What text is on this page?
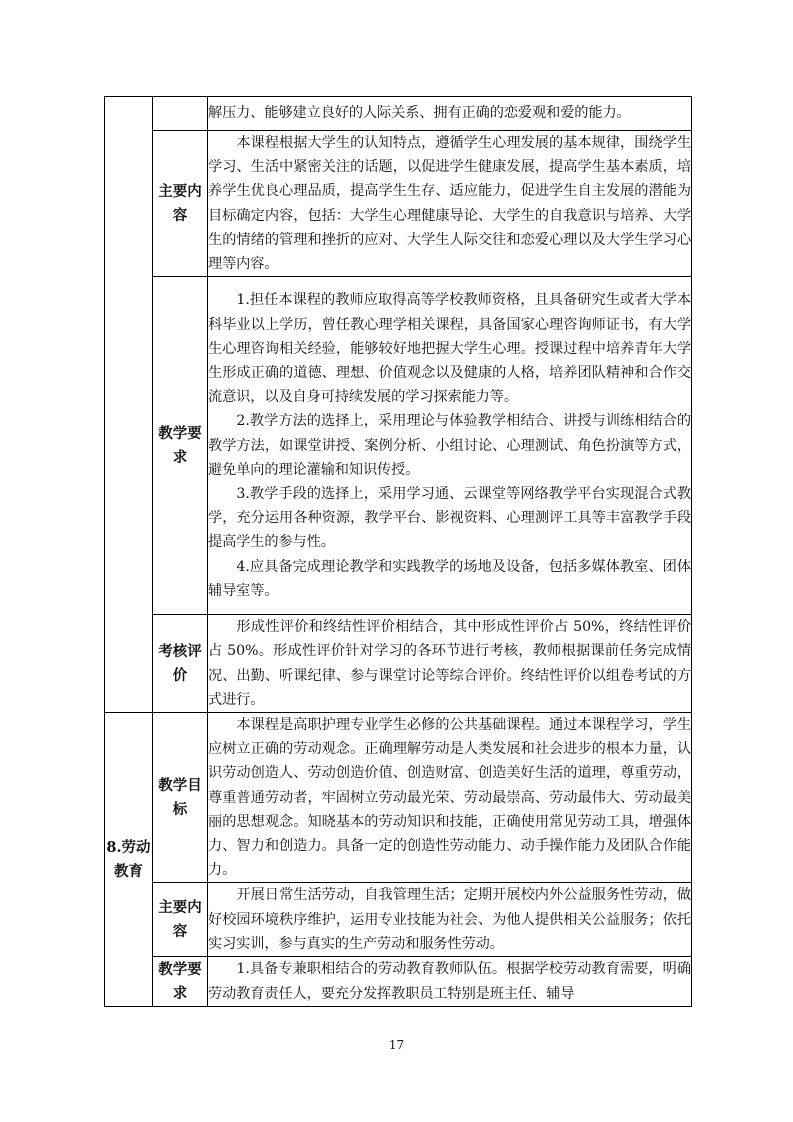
		解压力、能够建立良好的人际关系、拥有正确的恋爱观和爱的能力。

	主要内容	本课程根据大学生的认知特点，遵循学生心理发展的基本规律，围绕学生学习、生活中紧密关注的话题，以促进学生健康发展，提高学生基本素质，培养学生优良心理品质，提高学生生存、适应能力，促进学生自主发展的潜能为目标确定内容，包括：大学生心理健康导论、大学生的自我意识与培养、大学生的情绪的管理和挫折的应对、大学生人际交往和恋爱心理以及大学生学习心理等内容。

	教学要求	1.担任本课程的教师应取得高等学校教师资格，且具备研究生或者大学本科毕业以上学历，曾任教心理学相关课程，具备国家心理咨询师证书，有大学生心理咨询相关经验，能够较好地把握大学生心理。授课过程中培养青年大学生形成正确的道德、理想、价值观念以及健康的人格，培养团队精神和合作交流意识，以及自身可持续发展的学习探索能力等。

2.教学方法的选择上，采用理论与体验教学相结合、讲授与训练相结合的教学方法，如课堂讲授、案例分析、小组讨论、心理测试、角色扮演等方式，避免单向的理论灌输和知识传授。

3.教学手段的选择上，采用学习通、云课堂等网络教学平台实现混合式教学，充分运用各种资源，教学平台、影视资料、心理测评工具等丰富教学手段提高学生的参与性。

4.应具备完成理论教学和实践教学的场地及设备，包括多媒体教室、团体辅导室等。

	考核评价	形成性评价和终结性评价相结合，其中形成性评价占 50%，终结性评价占 50%。形成性评价针对学习的各环节进行考核，教师根据课前任务完成情况、出勤、听课纪律、参与课堂讨论等综合评价。终结性评价以组卷考试的方式进行。

8.劳动教育	教学目标	本课程是高职护理专业学生必修的公共基础课程。通过本课程学习，学生应树立正确的劳动观念。正确理解劳动是人类发展和社会进步的根本力量，认识劳动创造人、劳动创造价值、创造财富、创造美好生活的道理，尊重劳动，尊重普通劳动者，牢固树立劳动最光荣、劳动最崇高、劳动最伟大、劳动最美丽的思想观念。知晓基本的劳动知识和技能，正确使用常见劳动工具，增强体力、智力和创造力。具备一定的创造性劳动能力、动手操作能力及团队合作能力。

	主要内容	开展日常生活劳动，自我管理生活；定期开展校内外公益服务性劳动，做好校园环境秩序维护，运用专业技能为社会、为他人提供相关公益服务；依托实习实训，参与真实的生产劳动和服务性劳动。

	教学要求	1.具备专兼职相结合的劳动教育教师队伍。根据学校劳动教育需要，明确劳动教育责任人，要充分发挥教职员工特别是班主任、辅导

17
